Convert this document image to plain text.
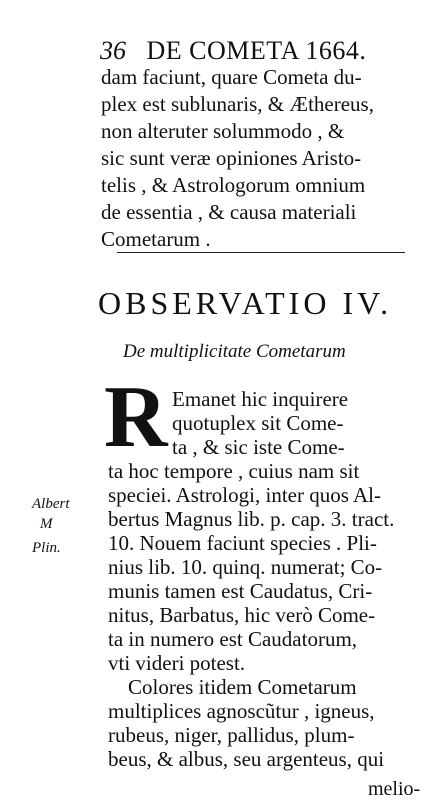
36 DE COMETA 1664.
dam faciunt, quare Cometa du-
plex est sublunaris, & Æthereus,
non alteruter solummodo , &
sic sunt veræ opiniones Aristo-
telis , & Astrologorum omnium
de essentia , & causa materiali
Cometarum .
OBSERVATIO IV.
De multiplicitate Cometarum
R Emanet hic inquirere
quotuplex sit Come-
ta , & sic iste Come-
ta hoc tempore , cuius nam sit
speciei. Astrologi, inter quos Al-
bertus Magnus lib. p. cap. 3. tract.
10. Nouem faciunt species . Pli-
nius lib. 10. quinq. numerat; Co-
munis tamen est Caudatus, Cri-
nitus, Barbatus, hic verò Come-
ta in numero est Caudatorum,
vti videri potest.
Colores itidem Cometarum
multiplices agnoscũtur , igneus,
rubeus, niger, pallidus, plum-
beus, & albus, seu argenteus, qui
melio-
Albert
M
Plin.
